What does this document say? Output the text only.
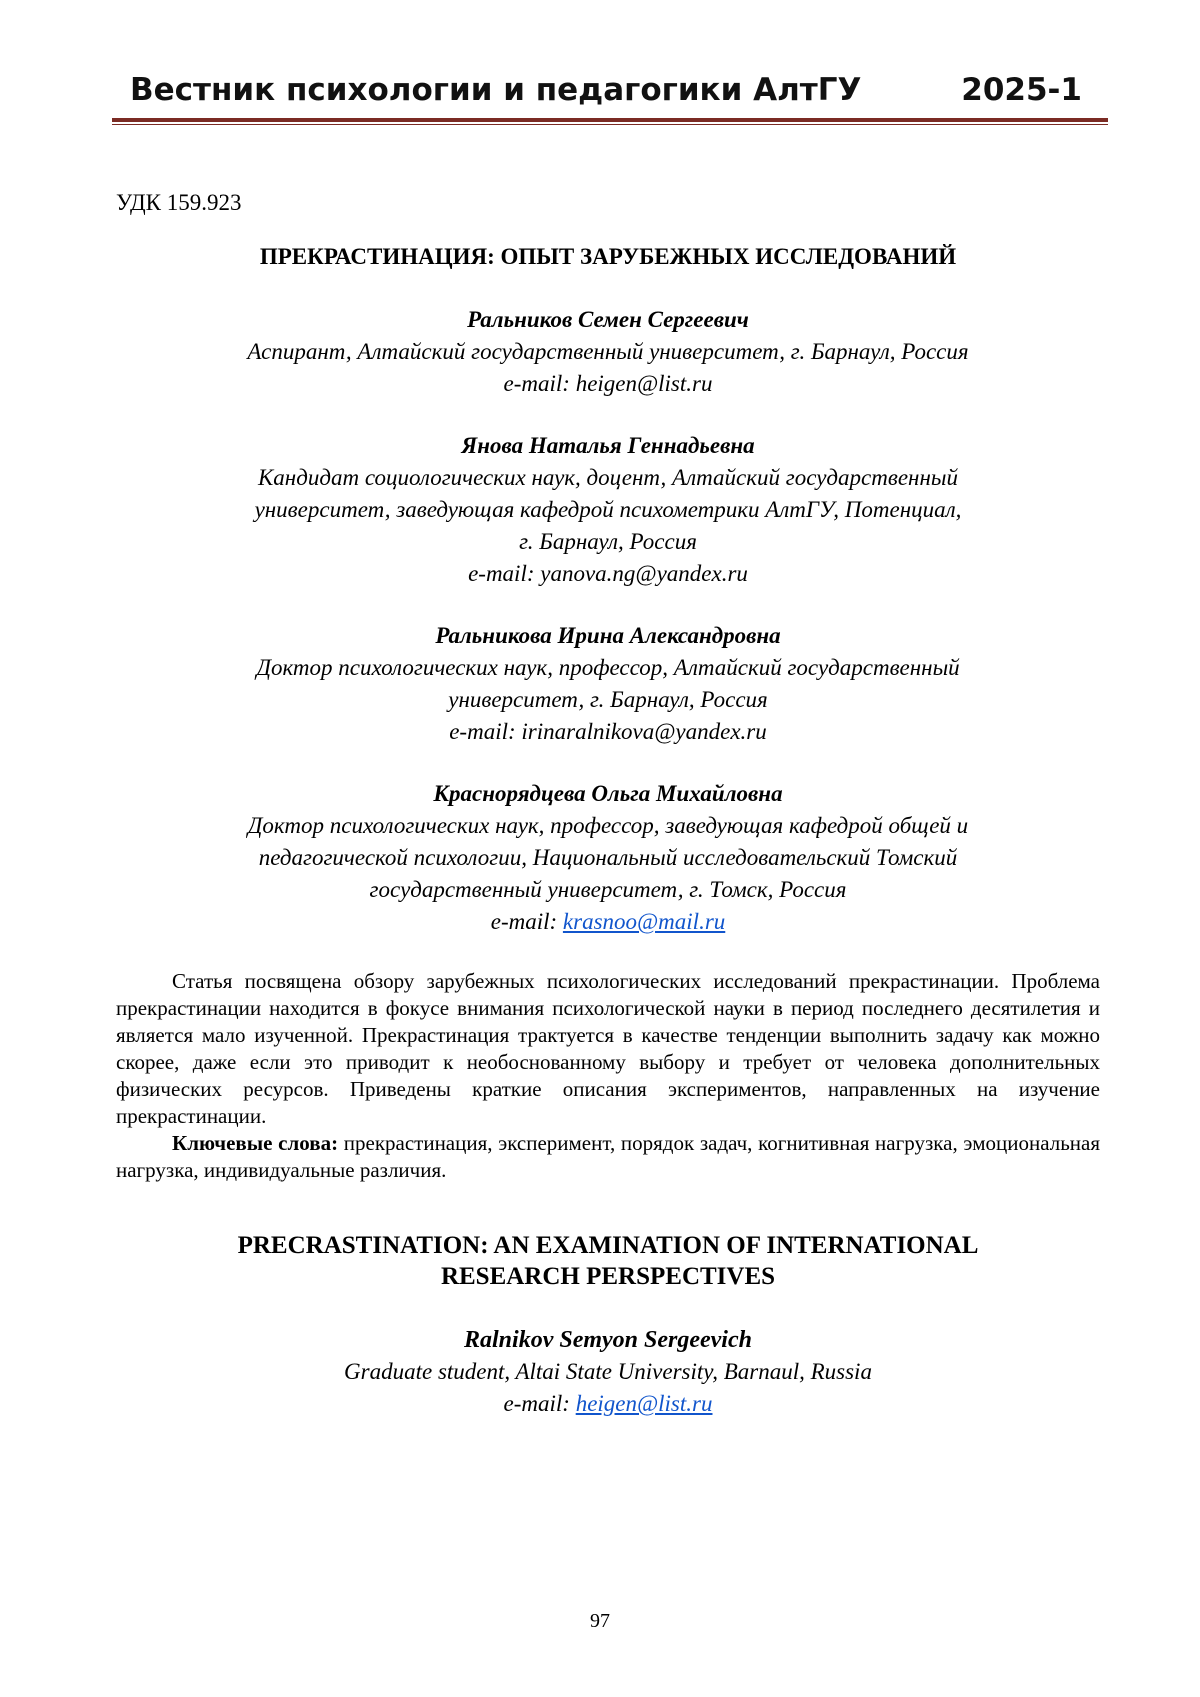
Вестник психологии и педагогики АлтГУ	2025-1
УДК 159.923
ПРЕКРАСТИНАЦИЯ: ОПЫТ ЗАРУБЕЖНЫХ ИССЛЕДОВАНИЙ
Ральников Семен Сергеевич
Аспирант, Алтайский государственный университет, г. Барнаул, Россия
e-mail: heigen@list.ru
Янова Наталья Геннадьевна
Кандидат социологических наук, доцент, Алтайский государственный
университет, заведующая кафедрой психометрики АлтГУ, Потенциал,
г. Барнаул, Россия
e-mail: yanova.ng@yandex.ru
Ральникова Ирина Александровна
Доктор психологических наук, профессор, Алтайский государственный
университет, г. Барнаул, Россия
e-mail: irinaralnikova@yandex.ru
Краснорядцева Ольга Михайловна
Доктор психологических наук, профессор, заведующая кафедрой общей и
педагогической психологии, Национальный исследовательский Томский
государственный университет, г. Томск, Россия
e-mail: krasnoo@mail.ru

Статья посвящена обзору зарубежных психологических исследований прекрастинации. Проблема прекрастинации находится в фокусе внимания психологической науки в период последнего десятилетия и является мало изученной. Прекрастинация трактуется в качестве тенденции выполнить задачу как можно скорее, даже если это приводит к необоснованному выбору и требует от человека дополнительных физических ресурсов. Приведены краткие описания экспериментов, направленных на изучение прекрастинации.

Ключевые слова: прекрастинация, эксперимент, порядок задач, когнитивная нагрузка, эмоциональная нагрузка, индивидуальные различия.

PRECRASTINATION: AN EXAMINATION OF INTERNATIONAL
RESEARCH PERSPECTIVES
Ralnikov Semyon Sergeevich
Graduate student, Altai State University, Barnaul, Russia
e-mail: heigen@list.ru
97
